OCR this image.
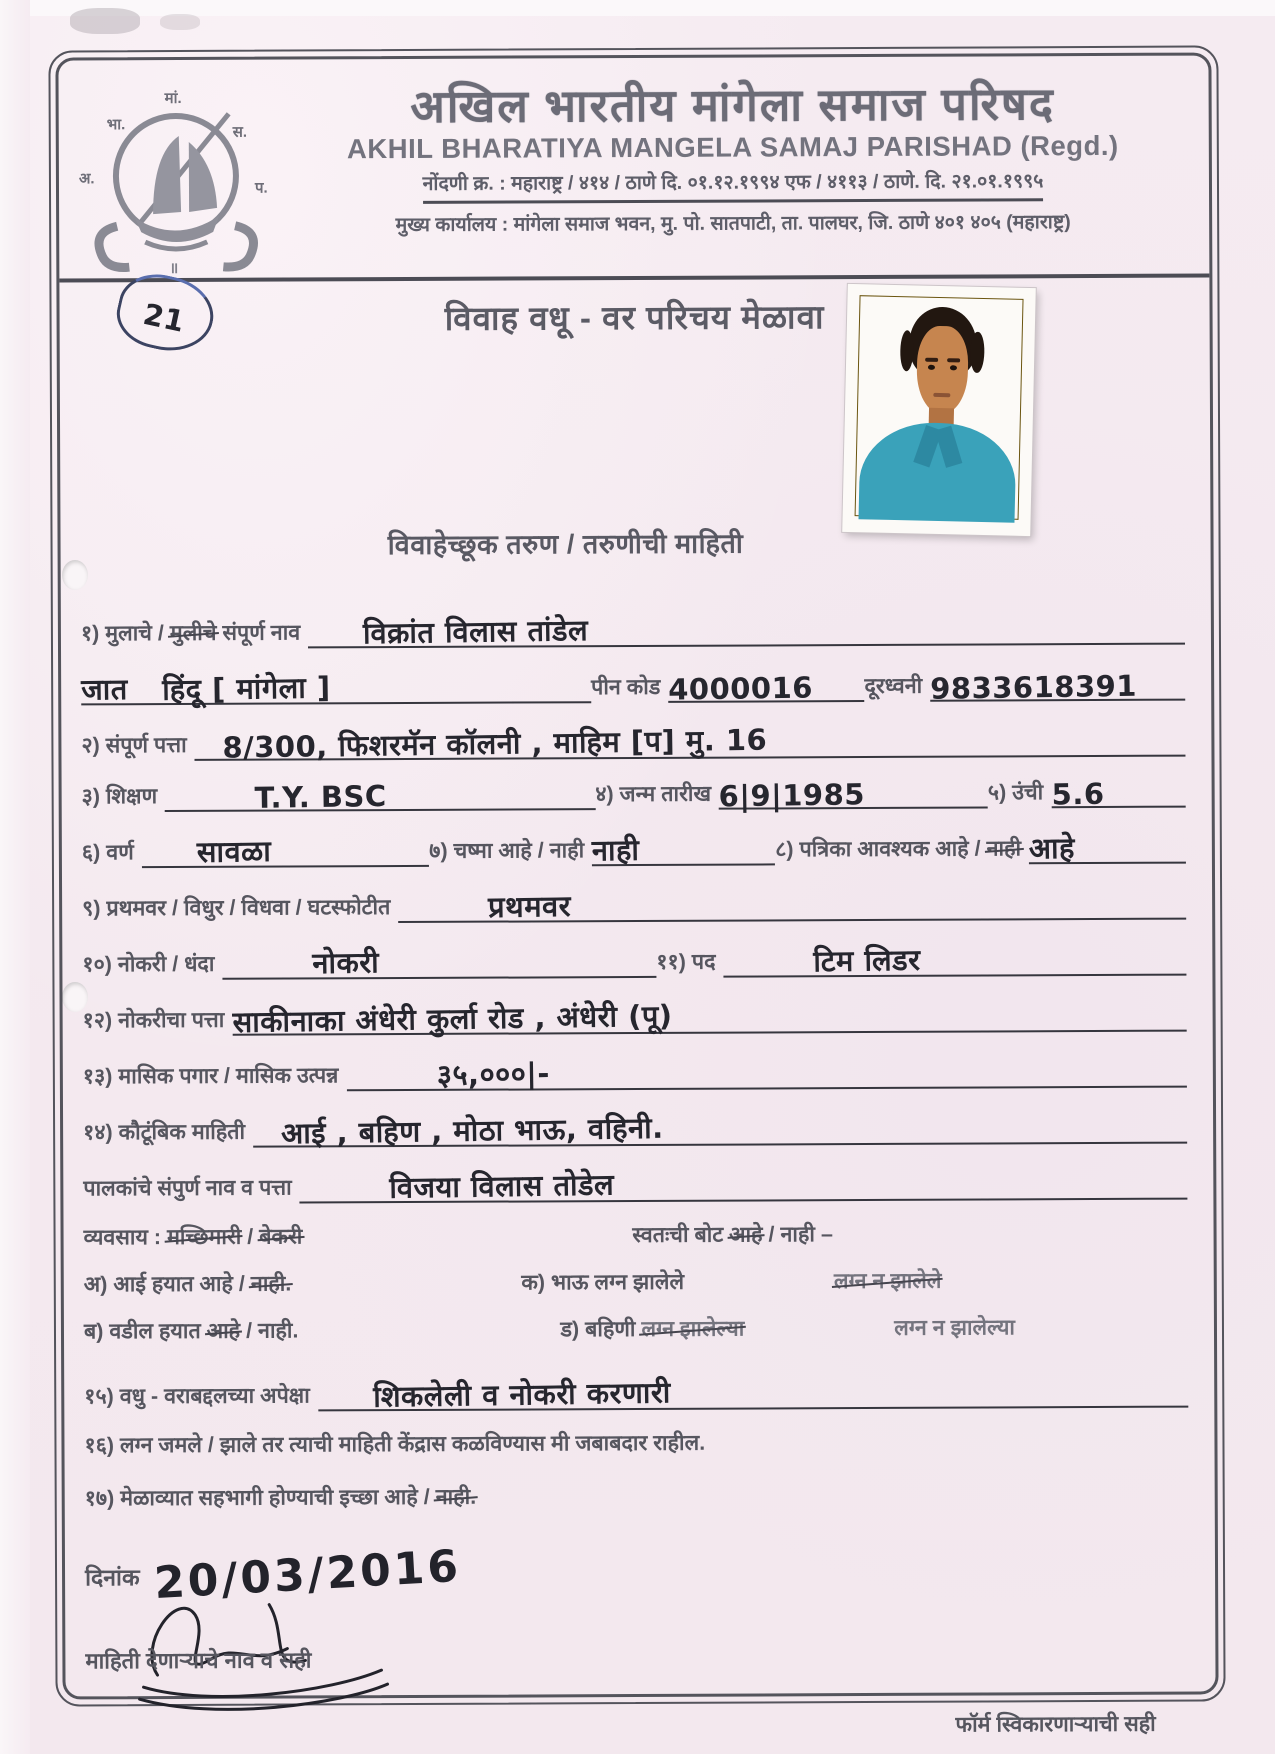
अ.
भा.
मां.
स.
प.
॥
अखिल भारतीय मांगेला समाज परिषद
AKHIL BHARATIYA MANGELA SAMAJ PARISHAD (Regd.)
नोंदणी क्र. : महाराष्ट्र / ४१४ / ठाणे दि. ०१.१२.१९९४ एफ / ४११३ / ठाणे. दि. २१.०१.१९९५
मुख्य कार्यालय : मांगेला समाज भवन, मु. पो. सातपाटी, ता. पालघर, जि. ठाणे ४०१ ४०५ (महाराष्ट्र)
21	विवाह वधू - वर परिचय मेळावा
विवाहेच्छूक तरुण / तरुणीची माहिती
१) मुलाचे / मुलीचे संपूर्ण नाव	विक्रांत विलास तांडेल
जात हिंदू [ मांगेला ]	पीन कोड 4000016	दूरध्वनी 9833618391
२) संपूर्ण पत्ता	8/300, फिशरमॅन कॉलनी , माहिम [प] मु. 16
३) शिक्षण	T.Y. BSC	४) जन्म तारीख 6|9|1985	५) उंची 5.6
६) वर्ण	सावळा	७) चष्मा आहे / नाही नाही	८) पत्रिका आवश्यक आहे / नाही आहे
९) प्रथमवर / विधुर / विधवा / घटस्फोटीत	प्रथमवर
१०) नोकरी / धंदा	नोकरी	११) पद	टिम लिडर
१२) नोकरीचा पत्ता साकीनाका अंधेरी कुर्ला रोड , अंधेरी (पू)
१३) मासिक पगार / मासिक उत्पन्न	३५,०००|-
१४) कौटूंबिक माहिती	आई , बहिण , मोठा भाऊ, वहिनी.
पालकांचे संपुर्ण नाव व पत्ता	विजया विलास तोडेल
व्यवसाय : मच्छिमारी / बेकरी	स्वतःची बोट आहे / नाही –
अ) आई हयात आहे / नाही.	क) भाऊ लग्न झालेले	लग्न न झालेले
ब) वडील हयात आहे / नाही.	ड) बहिणी लग्न झालेल्या	लग्न न झालेल्या
१५) वधु - वराबद्दलच्या अपेक्षा	शिकलेली व नोकरी करणारी
१६) लग्न जमले / झाले तर त्याची माहिती केंद्रास कळविण्यास मी जबाबदार राहील.
१७) मेळाव्यात सहभागी होण्याची इच्छा आहे / नाही.
दिनांक 20/03/2016
माहिती देणाऱ्याचे नाव व सही
फॉर्म स्विकारणाऱ्याची सही
